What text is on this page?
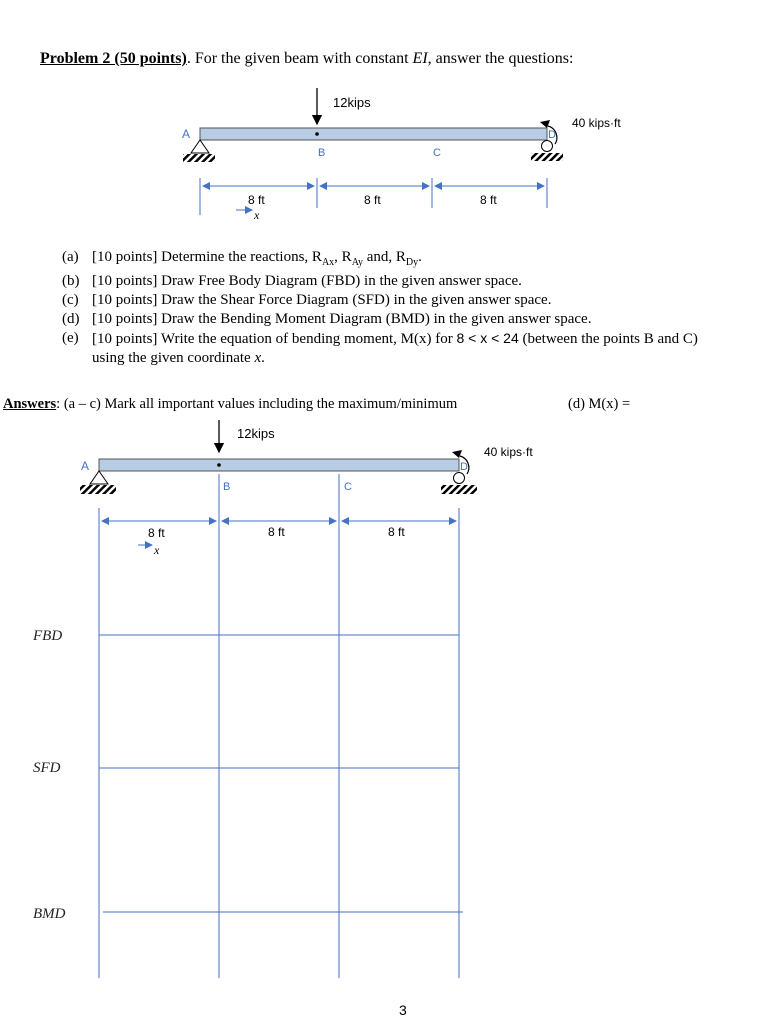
Problem 2 (50 points). For the given beam with constant EI, answer the questions:
12kips
A
B	C
D
40 kips·ft
8 ft	8 ft	8 ft
x
(a) [10 points] Determine the reactions, $R_{Ax}$, $R_{Ay}$ and, $R_{Dy}$.
(b) [10 points] Draw Free Body Diagram (FBD) in the given answer space.
(c) [10 points] Draw the Shear Force Diagram (SFD) in the given answer space.
(d) [10 points] Draw the Bending Moment Diagram (BMD) in the given answer space.
(e) [10 points] Write the equation of bending moment, M(x) for 8 < x < 24 (between the points B and C)
using the given coordinate x.
Answers: (a – c) Mark all important values including the maximum/minimum	(d) M(x) =
12kips
A
B	C
D
40 kips·ft
8 ft	8 ft	8 ft
x
FBD
SFD
BMD
3
